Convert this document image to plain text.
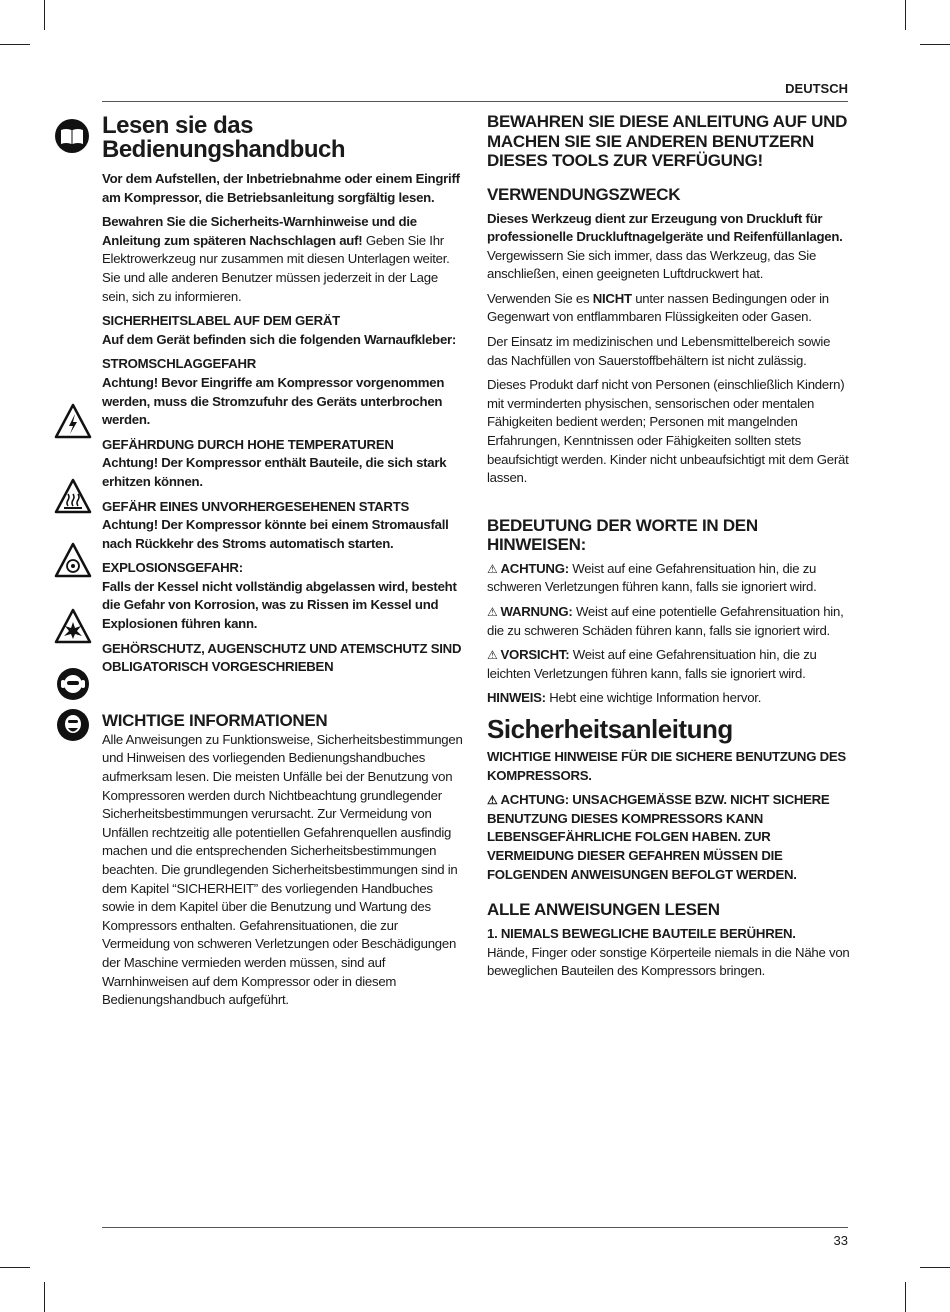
DEUTSCH
Lesen sie das Bedienungshandbuch

Vor dem Aufstellen, der Inbetriebnahme oder einem Eingriff am Kompressor, die Betriebsanleitung sorgfältig lesen.

Bewahren Sie die Sicherheits-Warnhinweise und die Anleitung zum späteren Nachschlagen auf! Geben Sie Ihr Elektrowerkzeug nur zusammen mit diesen Unterlagen weiter. Sie und alle anderen Benutzer müssen jederzeit in der Lage sein, sich zu informieren.

SICHERHEITSLABEL AUF DEM GERÄT
Auf dem Gerät befinden sich die folgenden Warnaufkleber:

STROMSCHLAGGEFAHR
Achtung! Bevor Eingriffe am Kompressor vorgenommen werden, muss die Stromzufuhr des Geräts unterbrochen werden.

GEFÄHRDUNG DURCH HOHE TEMPERATUREN
Achtung! Der Kompressor enthält Bauteile, die sich stark erhitzen können.

GEFÄHR EINES UNVORHERGESEHENEN STARTS
Achtung! Der Kompressor könnte bei einem Stromausfall nach Rückkehr des Stroms automatisch starten.

EXPLOSIONSGEFAHR:
Falls der Kessel nicht vollständig abgelassen wird, besteht die Gefahr von Korrosion, was zu Rissen im Kessel und Explosionen führen kann.

GEHÖRSCHUTZ, AUGENSCHUTZ UND ATEMSCHUTZ SIND OBLIGATORISCH VORGESCHRIEBEN

WICHTIGE INFORMATIONEN

Alle Anweisungen zu Funktionsweise, Sicherheitsbestimmungen und Hinweisen des vorliegenden Bedienungshandbuches aufmerksam lesen. Die meisten Unfälle bei der Benutzung von Kompressoren werden durch Nichtbeachtung grundlegender Sicherheitsbestimmungen verursacht. Zur Vermeidung von Unfällen rechtzeitig alle potentiellen Gefahrenquellen ausfindig machen und die entsprechenden Sicherheitsbestimmungen beachten. Die grundlegenden Sicherheitsbestimmungen sind in dem Kapitel “SICHERHEIT” des vorliegenden Handbuches sowie in dem Kapitel über die Benutzung und Wartung des Kompressors enthalten. Gefahrensituationen, die zur Vermeidung von schweren Verletzungen oder Beschädigungen der Maschine vermieden werden müssen, sind auf Warnhinweisen auf dem Kompressor oder in diesem Bedienungshandbuch aufgeführt.

BEWAHREN SIE DIESE ANLEITUNG AUF UND MACHEN SIE SIE ANDEREN BENUTZERN DIESES TOOLS ZUR VERFÜGUNG!
VERWENDUNGSZWECK

Dieses Werkzeug dient zur Erzeugung von Druckluft für professionelle Druckluftnagelgeräte und Reifenfüllanlagen. Vergewissern Sie sich immer, dass das Werkzeug, das Sie anschließen, einen geeigneten Luftdruckwert hat.

Verwenden Sie es NICHT unter nassen Bedingungen oder in Gegenwart von entflammbaren Flüssigkeiten oder Gasen.

Der Einsatz im medizinischen und Lebensmittelbereich sowie das Nachfüllen von Sauerstoffbehältern ist nicht zulässig.

Dieses Produkt darf nicht von Personen (einschließlich Kindern) mit verminderten physischen, sensorischen oder mentalen Fähigkeiten bedient werden; Personen mit mangelnden Erfahrungen, Kenntnissen oder Fähigkeiten sollten stets beaufsichtigt werden. Kinder nicht unbeaufsichtigt mit dem Gerät lassen.

BEDEUTUNG DER WORTE IN DEN HINWEISEN:

⚠ ACHTUNG: Weist auf eine Gefahrensituation hin, die zu schweren Verletzungen führen kann, falls sie ignoriert wird.

⚠ WARNUNG: Weist auf eine potentielle Gefahrensituation hin, die zu schweren Schäden führen kann, falls sie ignoriert wird.

⚠ VORSICHT: Weist auf eine Gefahrensituation hin, die zu leichten Verletzungen führen kann, falls sie ignoriert wird.

HINWEIS: Hebt eine wichtige Information hervor.

Sicherheitsanleitung

WICHTIGE HINWEISE FÜR DIE SICHERE BENUTZUNG DES KOMPRESSORS.

⚠ ACHTUNG: UNSACHGEMÄSSE BZW. NICHT SICHERE BENUTZUNG DIESES KOMPRESSORS KANN LEBENSGEFÄHRLICHE FOLGEN HABEN. ZUR VERMEIDUNG DIESER GEFAHREN MÜSSEN DIE FOLGENDEN ANWEISUNGEN BEFOLGT WERDEN.

ALLE ANWEISUNGEN LESEN

1. NIEMALS BEWEGLICHE BAUTEILE BERÜHREN.
Hände, Finger oder sonstige Körperteile niemals in die Nähe von beweglichen Bauteilen des Kompressors bringen.

33
